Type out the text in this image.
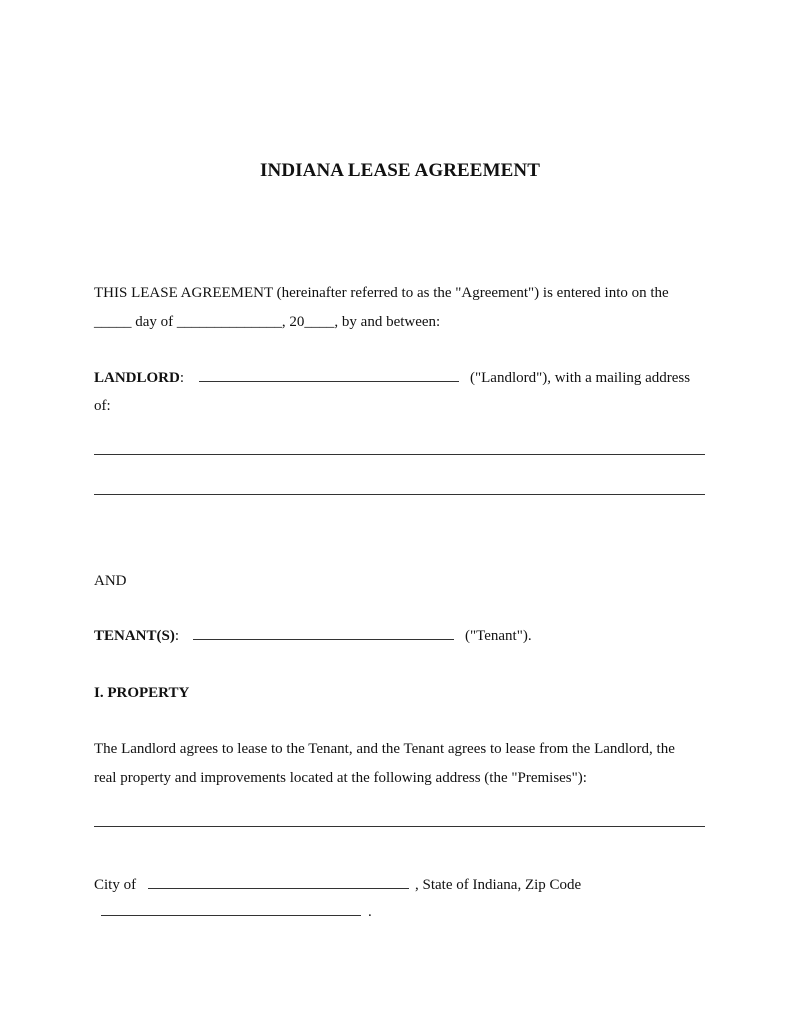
INDIANA LEASE AGREEMENT
THIS LEASE AGREEMENT (hereinafter referred to as the "Agreement") is entered into on the
_____ day of ______________, 20____, by and between:
LANDLORD:	("Landlord"), with a mailing address
of:
AND
TENANT(S):	("Tenant").
I. PROPERTY
The Landlord agrees to lease to the Tenant, and the Tenant agrees to lease from the Landlord, the
real property and improvements located at the following address (the "Premises"):
City of	, State of Indiana, Zip Code
.
